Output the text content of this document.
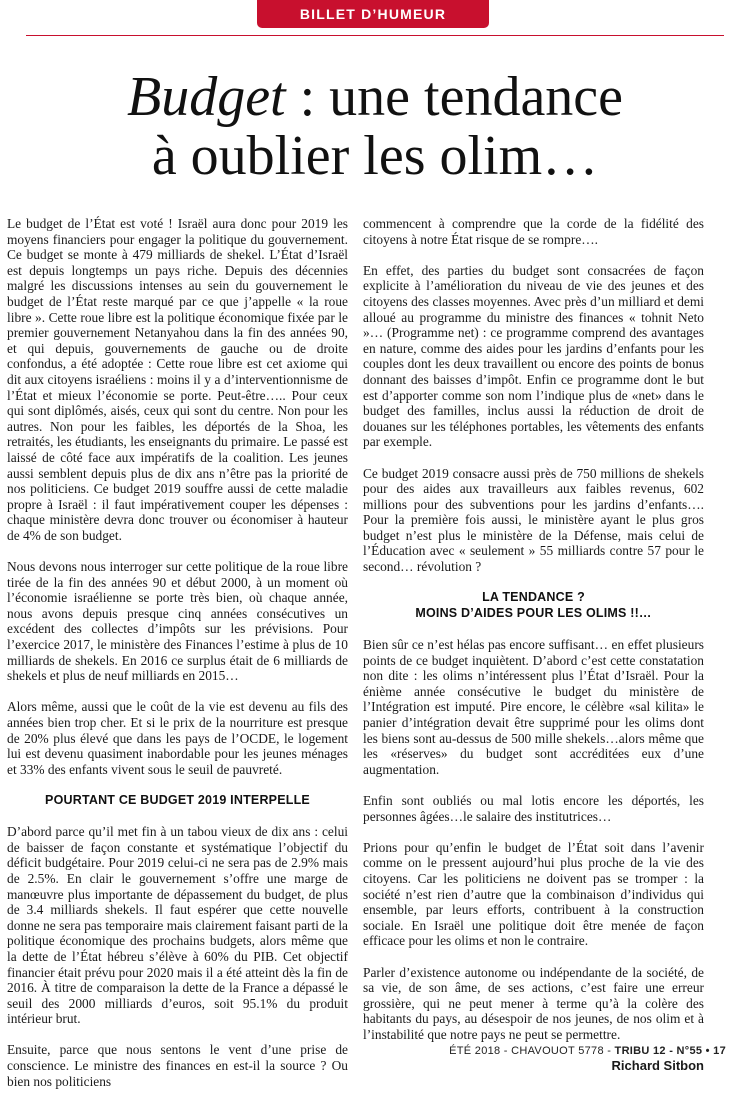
BILLET D’HUMEUR
Budget : une tendance
à oublier les olim…

Le budget de l’État est voté ! Israël aura donc pour 2019 les moyens financiers pour engager la politique du gouvernement. Ce budget se monte à 479 milliards de shekel. L’État d’Israël est depuis longtemps un pays riche. Depuis des décennies malgré les discussions intenses au sein du gouvernement le budget de l’État reste marqué par ce que j’appelle « la roue libre ». Cette roue libre est la politique économique fixée par le premier gouvernement Netanyahou dans la fin des années 90, et qui depuis, gouvernements de gauche ou de droite confondus, a été adoptée : Cette roue libre est cet axiome qui dit aux citoyens israéliens : moins il y a d’interventionnisme de l’État et mieux l’économie se porte. Peut-être….. Pour ceux qui sont diplômés, aisés, ceux qui sont du centre. Non pour les autres. Non pour les faibles, les déportés de la Shoa, les retraités, les étudiants, les enseignants du primaire. Le passé est laissé de côté face aux impératifs de la coalition. Les jeunes aussi semblent depuis plus de dix ans n’être pas la priorité de nos politiciens. Ce budget 2019 souffre aussi de cette maladie propre à Israël : il faut impérativement couper les dépenses : chaque ministère devra donc trouver ou économiser à hauteur de 4% de son budget.

Nous devons nous interroger sur cette politique de la roue libre tirée de la fin des années 90 et début 2000, à un moment où l’économie israélienne se porte très bien, où chaque année, nous avons depuis presque cinq années consécutives un excédent des collectes d’impôts sur les prévisions. Pour l’exercice 2017, le ministère des Finances l’estime à plus de 10 milliards de shekels. En 2016 ce surplus était de 6 milliards de shekels et plus de neuf milliards en 2015…

Alors même, aussi que le coût de la vie est devenu au fils des années bien trop cher. Et si le prix de la nourriture est presque de 20% plus élevé que dans les pays de l’OCDE, le logement lui est devenu quasiment inabordable pour les jeunes ménages et 33% des enfants vivent sous le seuil de pauvreté.

POURTANT CE BUDGET 2019 INTERPELLE

D’abord parce qu’il met fin à un tabou vieux de dix ans : celui de baisser de façon constante et systématique l’objectif du déficit budgétaire. Pour 2019 celui-ci ne sera pas de 2.9% mais de 2.5%. En clair le gouvernement s’offre une marge de manœuvre plus importante de dépassement du budget, de plus de 3.4 milliards shekels. Il faut espérer que cette nouvelle donne ne sera pas temporaire mais clairement faisant parti de la politique économique des prochains budgets, alors même que la dette de l’État hébreu s’élève à 60% du PIB. Cet objectif financier était prévu pour 2020 mais il a été atteint dès la fin de 2016. À titre de comparaison la dette de la France a dépassé le seuil des 2000 milliards d’euros, soit 95.1% du produit intérieur brut.

Ensuite, parce que nous sentons le vent d’une prise de conscience. Le ministre des finances en est-il la source ? Ou bien nos politiciens

commencent à comprendre que la corde de la fidélité des citoyens à notre État risque de se rompre….

En effet, des parties du budget sont consacrées de façon explicite à l’amélioration du niveau de vie des jeunes et des citoyens des classes moyennes. Avec près d’un milliard et demi alloué au programme du ministre des finances « tohnit Neto »… (Programme net) : ce programme comprend des avantages en nature, comme des aides pour les jardins d’enfants pour les couples dont les deux travaillent ou encore des points de bonus donnant des baisses d’impôt. Enfin ce programme dont le but est d’apporter comme son nom l’indique plus de «net» dans le budget des familles, inclus aussi la réduction de droit de douanes sur les téléphones portables, les vêtements des enfants par exemple.

Ce budget 2019 consacre aussi près de 750 millions de shekels pour des aides aux travailleurs aux faibles revenus, 602 millions pour des subventions pour les jardins d’enfants…. Pour la première fois aussi, le ministère ayant le plus gros budget n’est plus le ministère de la Défense, mais celui de l’Éducation avec « seulement » 55 milliards contre 57 pour le second… révolution ?

LA TENDANCE ?
MOINS D’AIDES POUR LES OLIMS !!…

Bien sûr ce n’est hélas pas encore suffisant… en effet plusieurs points de ce budget inquiètent. D’abord c’est cette constatation non dite : les olims n’intéressent plus l’État d’Israël. Pour la énième année consécutive le budget du ministère de l’Intégration est imputé. Pire encore, le célèbre «sal kilita» le panier d’intégration devait être supprimé pour les olims dont les biens sont au-dessus de 500 mille shekels…alors même que les «réserves» du budget sont accréditées eux d’une augmentation.

Enfin sont oubliés ou mal lotis encore les déportés, les personnes âgées…le salaire des institutrices…

Prions pour qu’enfin le budget de l’État soit dans l’avenir comme on le pressent aujourd’hui plus proche de la vie des citoyens. Car les politiciens ne doivent pas se tromper : la société n’est rien d’autre que la combinaison d’individus qui ensemble, par leurs efforts, contribuent à la construction sociale. En Israël une politique doit être menée de façon efficace pour les olims et non le contraire.

Parler d’existence autonome ou indépendante de la société, de sa vie, de son âme, de ses actions, c’est faire une erreur grossière, qui ne peut mener à terme qu’à la colère des habitants du pays, au désespoir de nos jeunes, de nos olim et à l’instabilité que notre pays ne peut se permettre.

Richard Sitbon
ÉTÉ 2018 - CHAVOUOT 5778 - TRIBU 12 - N°55 • 17
